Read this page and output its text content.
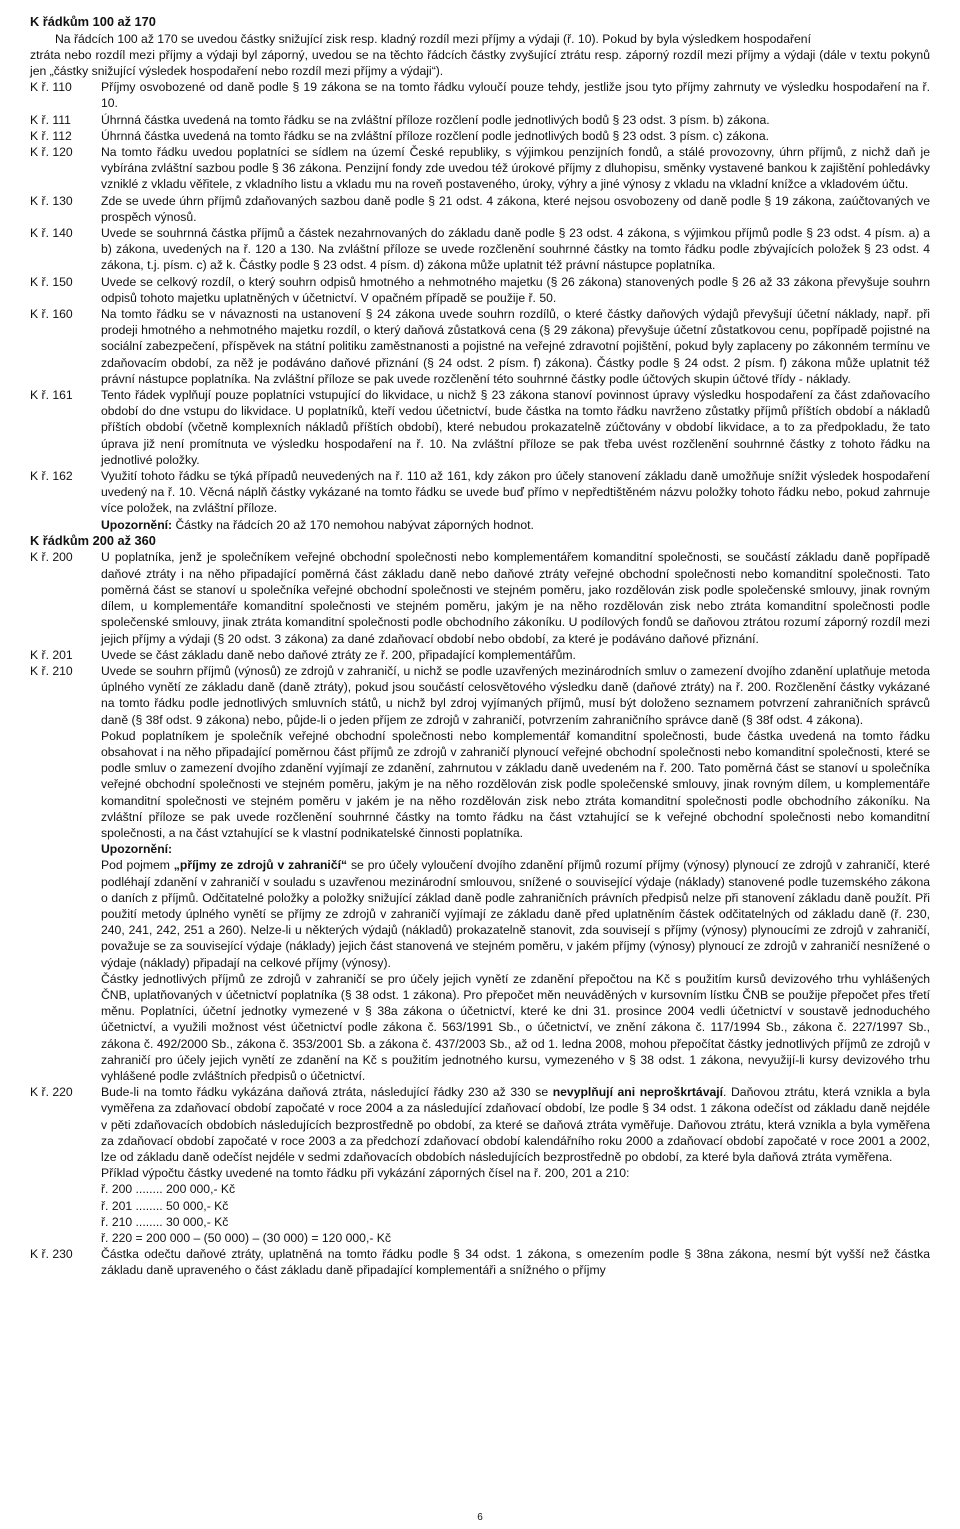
K řádkům 100 až 170

Na řádcích 100 až 170 se uvedou částky snižující zisk resp. kladný rozdíl mezi příjmy a výdaji (ř. 10). Pokud by byla výsledkem hospodaření

ztráta nebo rozdíl mezi příjmy a výdaji byl záporný, uvedou se na těchto řádcích částky zvyšující ztrátu resp. záporný rozdíl mezi příjmy a výdaji (dále v textu pokynů jen „částky snižující výsledek hospodaření nebo rozdíl mezi příjmy a výdaji“).

K ř. 110	Příjmy osvobozené od daně podle § 19 zákona se na tomto řádku vyloučí pouze tehdy, jestliže jsou tyto příjmy zahrnuty ve výsledku hospodaření na ř. 10.

K ř. 111	Úhrnná částka uvedená na tomto řádku se na zvláštní příloze rozčlení podle jednotlivých bodů § 23 odst. 3 písm. b) zákona.

K ř. 112	Úhrnná částka uvedená na tomto řádku se na zvláštní příloze rozčlení podle jednotlivých bodů § 23 odst. 3 písm. c) zákona.

K ř. 120	Na tomto řádku uvedou poplatníci se sídlem na území České republiky, s výjimkou penzijních fondů, a stálé provozovny, úhrn příjmů, z nichž daň je vybírána zvláštní sazbou podle § 36 zákona. Penzijní fondy zde uvedou též úrokové příjmy z dluhopisu, směnky vystavené bankou k zajištění pohledávky vzniklé z vkladu věřitele, z vkladního listu a vkladu mu na roveň postaveného, úroky, výhry a jiné výnosy z vkladu na vkladní knížce a vkladovém účtu.

K ř. 130	Zde se uvede úhrn příjmů zdaňovaných sazbou daně podle § 21 odst. 4 zákona, které nejsou osvobozeny od daně podle § 19 zákona, zaúčtovaných ve prospěch výnosů.

K ř. 140	Uvede se souhrnná částka příjmů a částek nezahrnovaných do základu daně podle § 23 odst. 4 zákona, s výjimkou příjmů podle § 23 odst. 4 písm. a) a b) zákona, uvedených na ř. 120 a 130. Na zvláštní příloze se uvede rozčlenění souhrnné částky na tomto řádku podle zbývajících položek § 23 odst. 4 zákona, t.j. písm. c) až k. Částky podle § 23 odst. 4 písm. d) zákona může uplatnit též právní nástupce poplatníka.

K ř. 150	Uvede se celkový rozdíl, o který souhrn odpisů hmotného a nehmotného majetku (§ 26 zákona) stanovených podle § 26 až 33 zákona převyšuje souhrn odpisů tohoto majetku uplatněných v účetnictví. V opačném případě se použije ř. 50.

K ř. 160	Na tomto řádku se v návaznosti na ustanovení § 24 zákona uvede souhrn rozdílů, o které částky daňových výdajů převyšují účetní náklady, např. při prodeji hmotného a nehmotného majetku rozdíl, o který daňová zůstatková cena (§ 29 zákona) převyšuje účetní zůstatkovou cenu, popřípadě pojistné na sociální zabezpečení, příspěvek na státní politiku zaměstnanosti a pojistné na veřejné zdravotní pojištění, pokud byly zaplaceny po zákonném termínu ve zdaňovacím období, za něž je podáváno daňové přiznání (§ 24 odst. 2 písm. f) zákona). Částky podle § 24 odst. 2 písm. f) zákona může uplatnit též právní nástupce poplatníka. Na zvláštní příloze se pak uvede rozčlenění této souhrnné částky podle účtových skupin účtové třídy - náklady.

K ř. 161	Tento řádek vyplňují pouze poplatníci vstupující do likvidace, u nichž § 23 zákona stanoví povinnost úpravy výsledku hospodaření za část zdaňovacího období do dne vstupu do likvidace. U poplatníků, kteří vedou účetnictví, bude částka na tomto řádku navrženo zůstatky příjmů příštích období a nákladů příštích období (včetně komplexních nákladů příštích období), které nebudou prokazatelně zúčtovány v období likvidace, a to za předpokladu, že tato úprava již není promítnuta ve výsledku hospodaření na ř. 10. Na zvláštní příloze se pak třeba uvést rozčlenění souhrnné částky z tohoto řádku na jednotlivé položky.

K ř. 162	Využití tohoto řádku se týká případů neuvedených na ř. 110 až 161, kdy zákon pro účely stanovení základu daně umožňuje snížit výsledek hospodaření uvedený na ř. 10. Věcná náplň částky vykázané na tomto řádku se uvede buď přímo v nepředtištěném názvu položky tohoto řádku nebo, pokud zahrnuje více položek, na zvláštní příloze.

Upozornění: Částky na řádcích 20 až 170 nemohou nabývat záporných hodnot.
K řádkům 200 až 360
K ř. 200	U poplatníka, jenž je společníkem veřejné obchodní společnosti nebo komplementářem komanditní společnosti, se součástí základu daně popřípadě daňové ztráty i na něho připadající poměrná část základu daně nebo daňové ztráty veřejné obchodní společnosti nebo komanditní společnosti. Tato poměrná část se stanoví u společníka veřejné obchodní společnosti ve stejném poměru, jako rozdělován zisk podle společenské smlouvy, jinak rovným dílem, u komplementáře komanditní společnosti ve stejném poměru, jakým je na něho rozdělován zisk nebo ztráta komanditní společnosti podle společenské smlouvy, jinak ztráta komanditní společnosti podle obchodního zákoníku. U podílových fondů se daňovou ztrátou rozumí záporný rozdíl mezi jejich příjmy a výdaji (§ 20 odst. 3 zákona) za dané zdaňovací období nebo období, za které je podáváno daňové přiznání.

K ř. 201	Uvede se část základu daně nebo daňové ztráty ze ř. 200, připadající komplementářům.

K ř. 210	Uvede se souhrn příjmů (výnosů) ze zdrojů v zahraničí, u nichž se podle uzavřených mezinárodních smluv o zamezení dvojího zdanění uplatňuje metoda úplného vynětí ze základu daně (daně ztráty), pokud jsou součástí celosvětového výsledku daně (daňové ztráty) na ř. 200. Rozčlenění částky vykázané na tomto řádku podle jednotlivých smluvních států, u nichž byl zdroj vyjímaných příjmů, musí být doloženo seznamem potvrzení zahraničních správců daně (§ 38f odst. 9 zákona) nebo, půjde-li o jeden příjem ze zdrojů v zahraničí, potvrzením zahraničního správce daně (§ 38f odst. 4 zákona).

Pokud poplatníkem je společník veřejné obchodní společnosti nebo komplementář komanditní společnosti, bude částka uvedená na tomto řádku obsahovat i na něho připadající poměrnou část příjmů ze zdrojů v zahraničí plynoucí veřejné obchodní společnosti nebo komanditní společnosti, které se podle smluv o zamezení dvojího zdanění vyjímají ze zdanění, zahrnutou v základu daně uvedeném na ř. 200. Tato poměrná část se stanoví u společníka veřejné obchodní společnosti ve stejném poměru, jakým je na něho rozdělován zisk podle společenské smlouvy, jinak rovným dílem, u komplementáře komanditní společnosti ve stejném poměru v jakém je na něho rozdělován zisk nebo ztráta komanditní společnosti podle obchodního zákoníku. Na zvláštní příloze se pak uvede rozčlenění souhrnné částky na tomto řádku na část vztahující se k veřejné obchodní společnosti nebo komanditní společnosti, a na část vztahující se k vlastní podnikatelské činnosti poplatníka.

Upozornění:

Pod pojmem „příjmy ze zdrojů v zahraničí“ se pro účely vyloučení dvojího zdanění příjmů rozumí příjmy (výnosy) plynoucí ze zdrojů v zahraničí, které podléhají zdanění v zahraničí v souladu s uzavřenou mezinárodní smlouvou, snížené o související výdaje (náklady) stanovené podle tuzemského zákona o daních z příjmů. Odčitatelné položky a položky snižující základ daně podle zahraničních právních předpisů nelze při stanovení základu daně použít. Při použití metody úplného vynětí se příjmy ze zdrojů v zahraničí vyjímají ze základu daně před uplatněním částek odčitatelných od základu daně (ř. 230, 240, 241, 242, 251 a 260). Nelze-li u některých výdajů (nákladů) prokazatelně stanovit, zda souvisejí s příjmy (výnosy) plynoucími ze zdrojů v zahraničí, považuje se za související výdaje (náklady) jejich část stanovená ve stejném poměru, v jakém příjmy (výnosy) plynoucí ze zdrojů v zahraničí nesnížené o výdaje (náklady) připadají na celkové příjmy (výnosy).

Částky jednotlivých příjmů ze zdrojů v zahraničí se pro účely jejich vynětí ze zdanění přepočtou na Kč s použitím kursů devizového trhu vyhlášených ČNB, uplatňovaných v účetnictví poplatníka (§ 38 odst. 1 zákona). Pro přepočet měn neuváděných v kursovním lístku ČNB se použije přepočet přes třetí měnu. Poplatníci, účetní jednotky vymezené v § 38a zákona o účetnictví, které ke dni 31. prosince 2004 vedli účetnictví v soustavě jednoduchého účetnictví, a využili možnost vést účetnictví podle zákona č. 563/1991 Sb., o účetnictví, ve znění zákona č. 117/1994 Sb., zákona č. 227/1997 Sb., zákona č. 492/2000 Sb., zákona č. 353/2001 Sb. a zákona č. 437/2003 Sb., až od 1. ledna 2008, mohou přepočítat částky jednotlivých příjmů ze zdrojů v zahraničí pro účely jejich vynětí ze zdanění na Kč s použitím jednotného kursu, vymezeného v § 38 odst. 1 zákona, nevyužijí-li kursy devizového trhu vyhlášené podle zvláštních předpisů o účetnictví.

K ř. 220	Bude-li na tomto řádku vykázána daňová ztráta, následující řádky 230 až 330 se nevyplňují ani neproškrtávají. Daňovou ztrátu, která vznikla a byla vyměřena za zdaňovací období započaté v roce 2004 a za následující zdaňovací období, lze podle § 34 odst. 1 zákona odečíst od základu daně nejdéle v pěti zdaňovacích obdobích následujících bezprostředně po období, za které se daňová ztráta vyměřuje. Daňovou ztrátu, která vznikla a byla vyměřena za zdaňovací období započaté v roce 2003 a za předchozí zdaňovací období kalendářního roku 2000 a zdaňovací období započaté v roce 2001 a 2002, lze od základu daně odečíst nejdéle v sedmi zdaňovacích obdobích následujících bezprostředně po období, za které byla daňová ztráta vyměřena.

Příklad výpočtu částky uvedené na tomto řádku při vykázání záporných čísel na ř. 200, 201 a 210:

ř. 200 ........ 200 000,- Kč
ř. 201 ........ 50 000,- Kč
ř. 210 ........ 30 000,- Kč
ř. 220 = 200 000 – (50 000) – (30 000) = 120 000,- Kč
K ř. 230	Částka odečtu daňové ztráty, uplatněná na tomto řádku podle § 34 odst. 1 zákona, s omezením podle § 38na zákona, nesmí být vyšší než částka základu daně upraveného o část základu daně připadající komplementáři a snížného o příjmy

6
